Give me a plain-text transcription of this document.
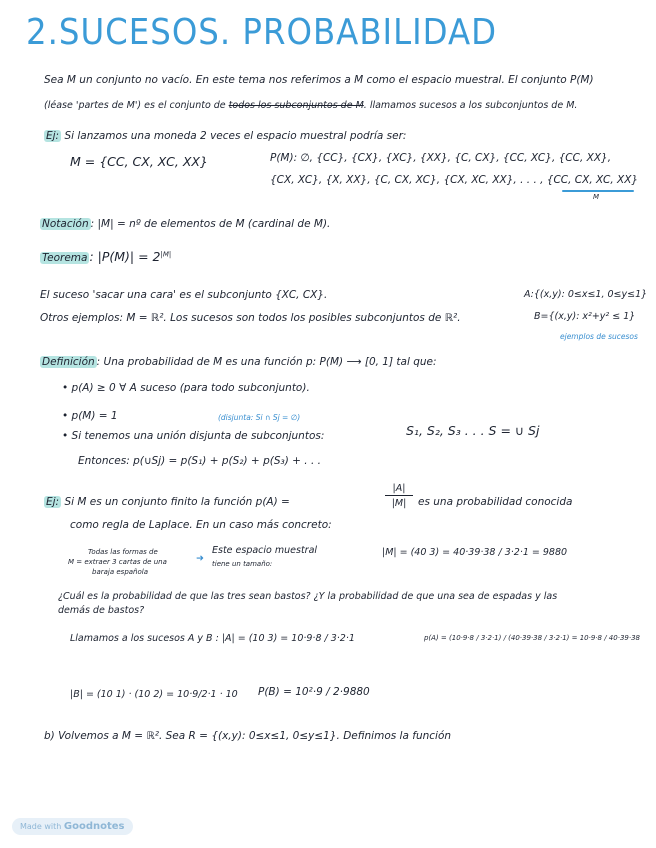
2.SUCESOS. PROBABILIDAD
Sea M un conjunto no vacío. En este tema nos referimos a M como el espacio muestral. El conjunto P(M)
(léase 'partes de M') es el conjunto de todos los subconjuntos de M. llamamos sucesos a los subconjuntos de M.
Ej: Si lanzamos una moneda 2 veces el espacio muestral podría ser:
M = {CC, CX, XC, XX}	P(M): ∅, {CC}, {CX}, {XC}, {XX}, {C, CX}, {CC, XC}, {CC, XX},
{CX, XC}, {X, XX}, {C, CX, XC}, {CX, XC, XX}, . . . , {CC, CX, XC, XX}
M
Notación : |M| = nº de elementos de M (cardinal de M).
Teorema : $|P(M)| = 2^{|M|}$
El suceso 'sacar una cara' es el subconjunto {XC, CX}.	A:{(x,y): 0≤x≤1, 0≤y≤1}
Otros ejemplos: M = ℝ². Los sucesos son todos los posibles subconjuntos de ℝ².	B={(x,y): x²+y² ≤ 1}
ejemplos de sucesos
Definición : Una probabilidad de M es una función p: P(M) ⟶ [0, 1] tal que:
• p(A) ≥ 0 ∀ A suceso (para todo subconjunto).
• p(M) = 1	(disjunta: Si ∩ Sj = ∅)
• Si tenemos una unión disjunta de subconjuntos:	S₁, S₂, S₃ . . . S = ∪ Sj
Entonces: p(∪Sj) = p(S₁) + p(S₂) + p(S₃) + . . .
Ej: Si M es un conjunto finito la función p(A) =
|A|
|M|	es una probabilidad conocida
como regla de Laplace. En un caso más concreto:
Todas las formas de
M = extraer 3 cartas de una
baraja española
➜
Este espacio muestral
tiene un tamaño:
|M| = (40 3) = 40·39·38 / 3·2·1 = 9880
¿Cuál es la probabilidad de que las tres sean bastos? ¿Y la probabilidad de que una sea de espadas y las
demás de bastos?
Llamamos a los sucesos A y B : |A| = (10 3) = 10·9·8 / 3·2·1	p(A) = (10·9·8 / 3·2·1) / (40·39·38 / 3·2·1) = 10·9·8 / 40·39·38
|B| = (10 1) · (10 2) = 10·9/2·1 · 10 P(B) = 10²·9 / 2·9880
b) Volvemos a M = ℝ². Sea R = {(x,y): 0≤x≤1, 0≤y≤1}. Definimos la función
Made with Goodnotes
